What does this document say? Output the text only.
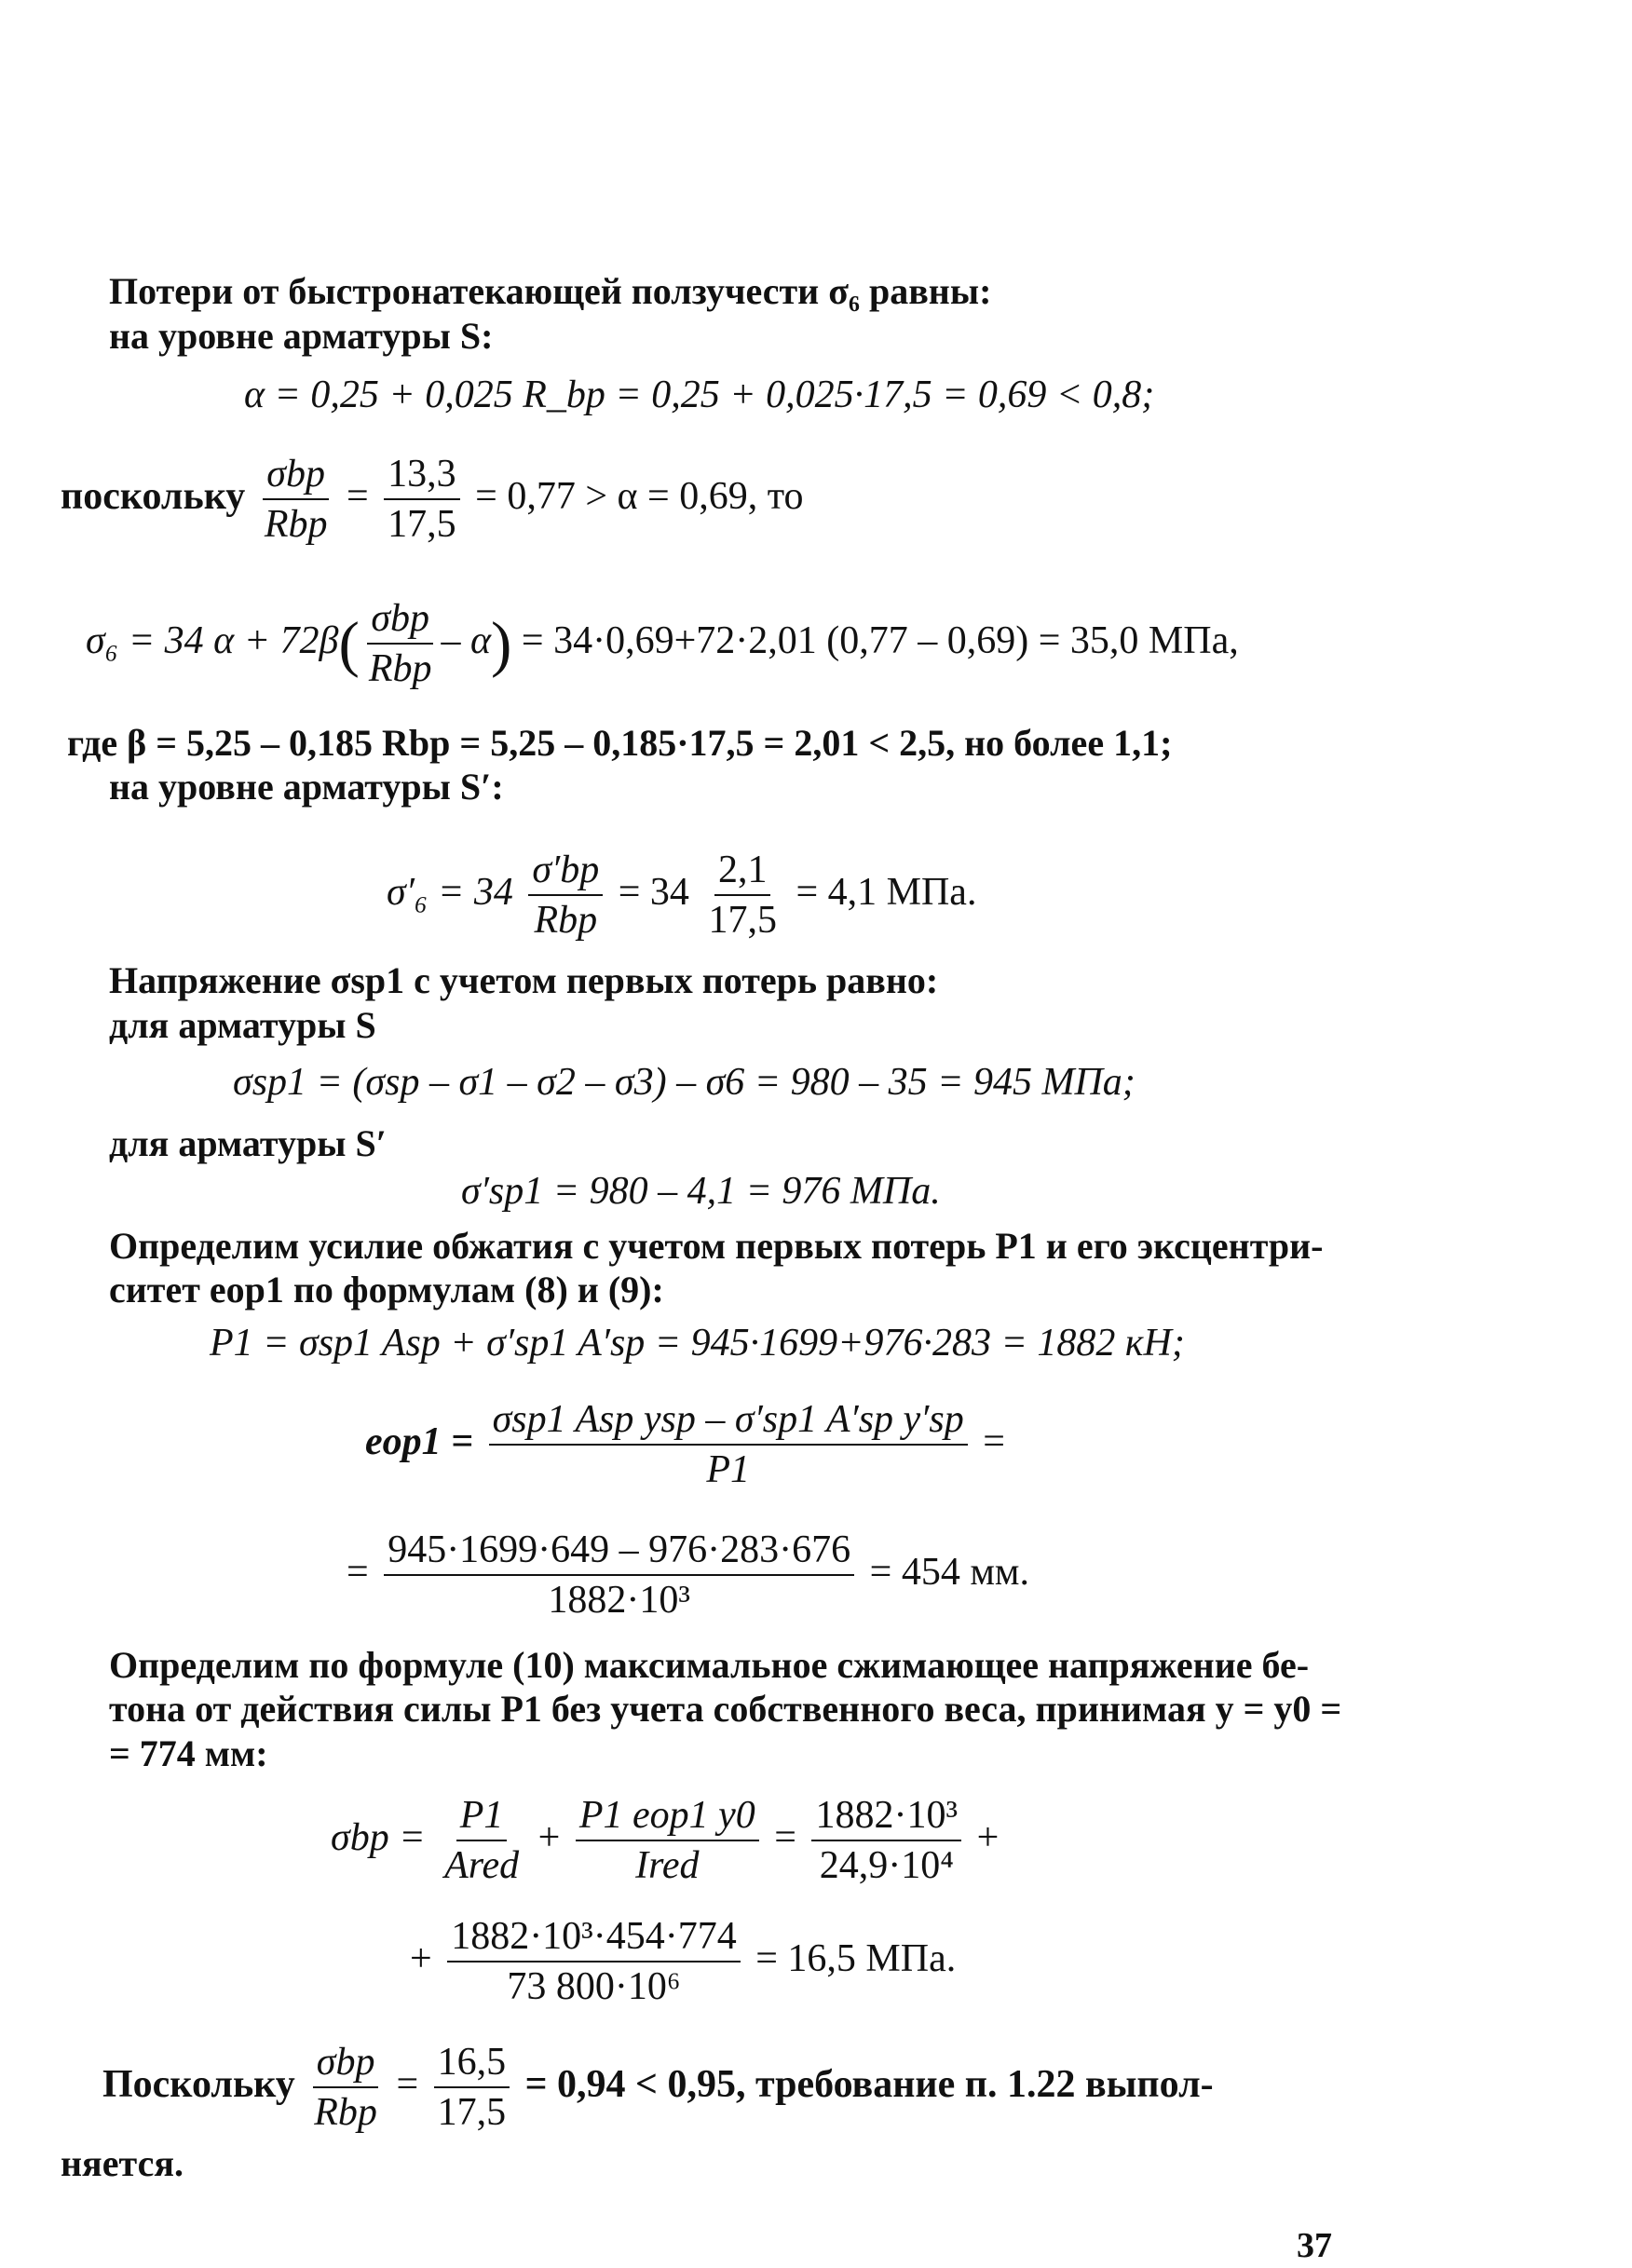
Потери от быстронатекающей ползучести σ₆ равны:
на уровне арматуры S:
α = 0,25 + 0,025 R_bp = 0,25 + 0,025·17,5 = 0,69 < 0,8;
поскольку $\frac{\text{σbp}}{\text{Rbp}} = \frac{13,3}{17,5} = 0,77 > \alpha = 0,69$, то
σ₆ = 34 $\alpha + 72\beta( \frac{\text{σbp}}{\text{Rbp}} - \alpha) = 34\cdot 0,69+72\cdot 2,01$ (0,77 – 0,69) = 35,0 МПа,
где β = 5,25 – 0,185 Rbp = 5,25 – 0,185·17,5 = 2,01 < 2,5, но более 1,1;
на уровне арматуры S′:
$\sigma'_6 = 34 \frac{\sigma'bp}{\text{Rbp}} = 34 \frac{2,1}{17,5} = 4,1$ МПа.
Напряжение σsp1 с учетом первых потерь равно:
для арматуры S
σsp1 = (σsp – σ1 – σ2 – σ3) – σ6 = 980 – 35 = 945 МПа;
для арматуры S′
σ′sp1 = 980 – 4,1 = 976 МПа.
Определим усилие обжатия с учетом первых потерь P1 и его эксцентри-
ситет eop1 по формулам (8) и (9):
P1 = σsp1 Asp + σ′sp1 A′sp = 945·1699+976·283 = 1882 кН;
$eop1 = \frac{\text{σsp1 Asp ysp – σ′sp1 A′sp y′sp}}{P1}$ =
= $\frac{945\cdot 1699\cdot 649 - 976\cdot 283\cdot 676}{\text{1882·10³}} = 454$ мм.
Определим по формуле (10) максимальное сжимающее напряжение бе-
тона от действия силы P1 без учета собственного веса, принимая y = y0 =
= 774 мм:
$\sigma bp = \frac{P1}{\text{Ared}} + \frac{\text{P1 eop1 y0}}{\text{Ired}} = \frac{\text{1882·10³}}{\text{24,9·10⁴}}$ +
+ $\frac{\text{1882·10³·454·774}}{\text{73 800·10⁶}} = 16,5$ МПа.
Поскольку $\frac{\text{σbp}}{\text{Rbp}} = \frac{16,5}{17,5} = 0,94 < 0,95$, требование п. 1.22 выпол-
няется.
37
